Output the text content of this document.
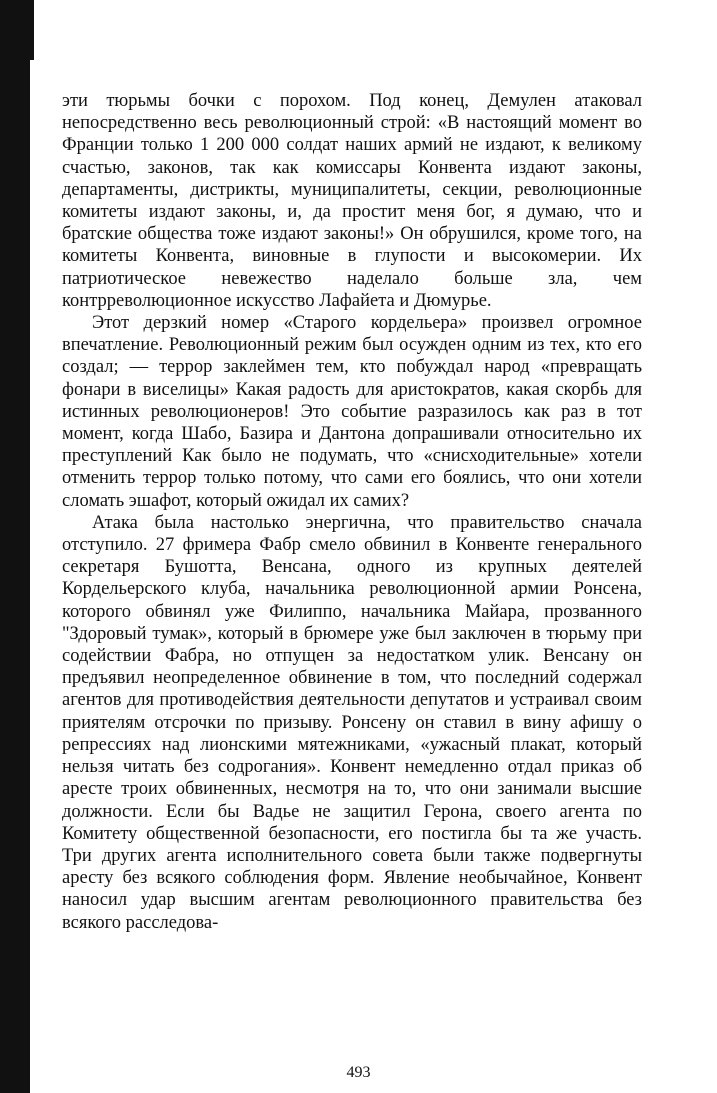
эти тюрьмы бочки с порохом. Под конец, Демулен атаковал непосредственно весь революционный строй: «В настоящий момент во Франции только 1 200 000 солдат наших армий не издают, к великому счастью, законов, так как комиссары Конвента издают законы, департаменты, дистрикты, муниципалитеты, секции, революционные комитеты издают законы, и, да простит меня бог, я думаю, что и братские общества тоже издают законы!» Он обрушился, кроме того, на комитеты Конвента, виновные в глупости и высокомерии. Их патриотическое невежество наделало больше зла, чем контрреволюционное искусство Лафайета и Дюмурье.

Этот дерзкий номер «Старого кордельера» произвел огромное впечатление. Революционный режим был осужден одним из тех, кто его создал; — террор заклеймен тем, кто побуждал народ «превращать фонари в виселицы» Какая радость для аристократов, какая скорбь для истинных революционеров! Это событие разразилось как раз в тот момент, когда Шабо, Базира и Дантона допрашивали относительно их преступлений Как было не подумать, что «снисходительные» хотели отменить террор только потому, что сами его боялись, что они хотели сломать эшафот, который ожидал их самих?

Атака была настолько энергична, что правительство сначала отступило. 27 фримера Фабр смело обвинил в Конвенте генерального секретаря Бушотта, Венсана, одного из крупных деятелей Кордельерского клуба, начальника революционной армии Ронсена, которого обвинял уже Филиппо, начальника Майара, прозванного "Здоровый тумак», который в брюмере уже был заключен в тюрьму при содействии Фабра, но отпущен за недостатком улик. Венсану он предъявил неопределенное обвинение в том, что последний содержал агентов для противодействия деятельности депутатов и устраивал своим приятелям отсрочки по призыву. Ронсену он ставил в вину афишу о репрессиях над лионскими мятежниками, «ужасный плакат, который нельзя читать без содрогания». Конвент немедленно отдал приказ об аресте троих обвиненных, несмотря на то, что они занимали высшие должности. Если бы Вадье не защитил Герона, своего агента по Комитету общественной безопасности, его постигла бы та же участь. Три других агента исполнительного совета были также подвергнуты аресту без всякого соблюдения форм. Явление необычайное, Конвент наносил удар высшим агентам революционного правительства без всякого расследова-

493
